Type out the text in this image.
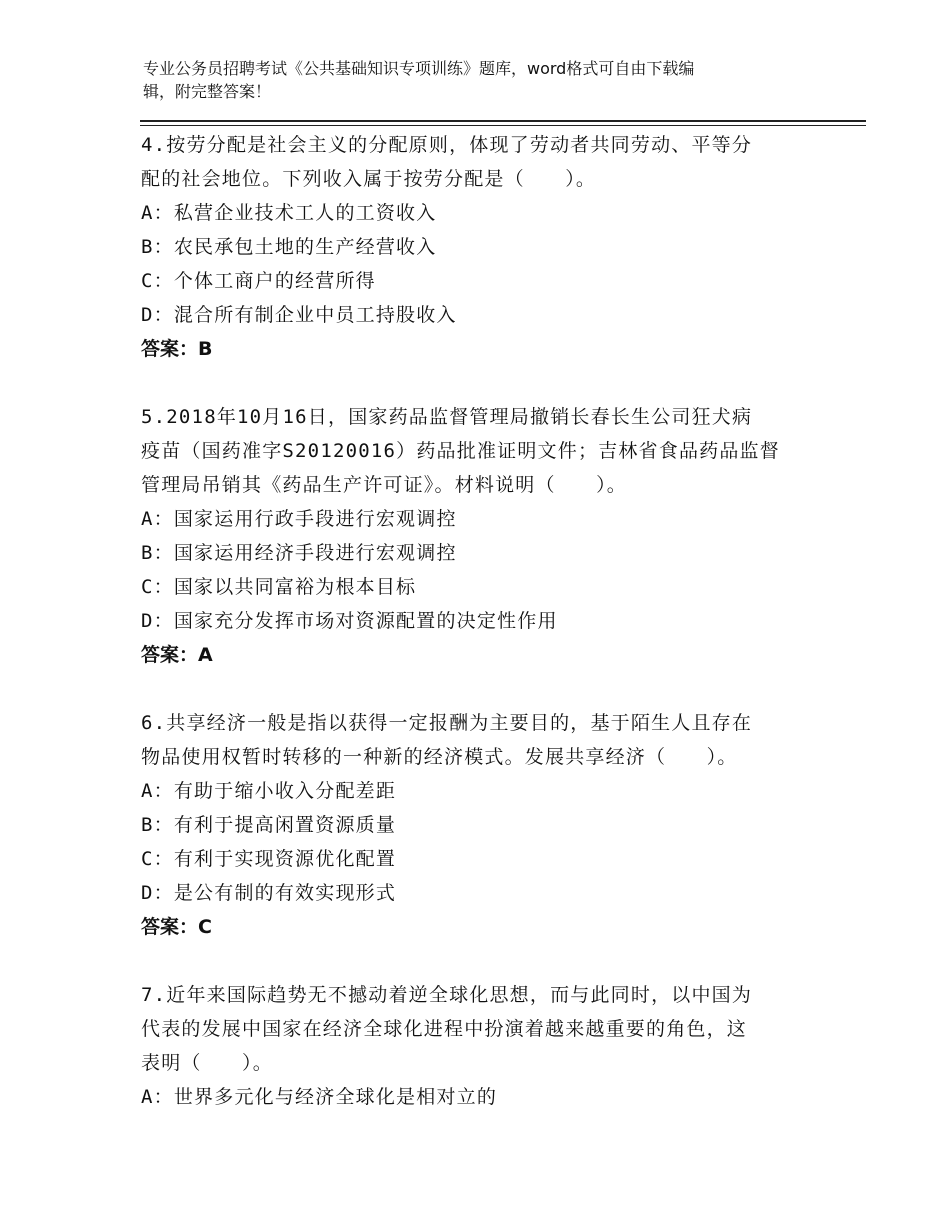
专业公务员招聘考试《公共基础知识专项训练》题库，word格式可自由下载编
辑，附完整答案！

4.按劳分配是社会主义的分配原则，体现了劳动者共同劳动、平等分

配的社会地位。下列收入属于按劳分配是（　　）。

A：私营企业技术工人的工资收入

B：农民承包土地的生产经营收入

C：个体工商户的经营所得

D：混合所有制企业中员工持股收入

答案：B

5.2018年10月16日，国家药品监督管理局撤销长春长生公司狂犬病

疫苗（国药准字S20120016）药品批准证明文件；吉林省食品药品监督

管理局吊销其《药品生产许可证》。材料说明（　　）。

A：国家运用行政手段进行宏观调控

B：国家运用经济手段进行宏观调控

C：国家以共同富裕为根本目标

D：国家充分发挥市场对资源配置的决定性作用

答案：A

6.共享经济一般是指以获得一定报酬为主要目的，基于陌生人且存在

物品使用权暂时转移的一种新的经济模式。发展共享经济（　　）。

A：有助于缩小收入分配差距

B：有利于提高闲置资源质量

C：有利于实现资源优化配置

D：是公有制的有效实现形式

答案：C

7.近年来国际趋势无不撼动着逆全球化思想，而与此同时，以中国为

代表的发展中国家在经济全球化进程中扮演着越来越重要的角色，这

表明（　　）。

A：世界多元化与经济全球化是相对立的
